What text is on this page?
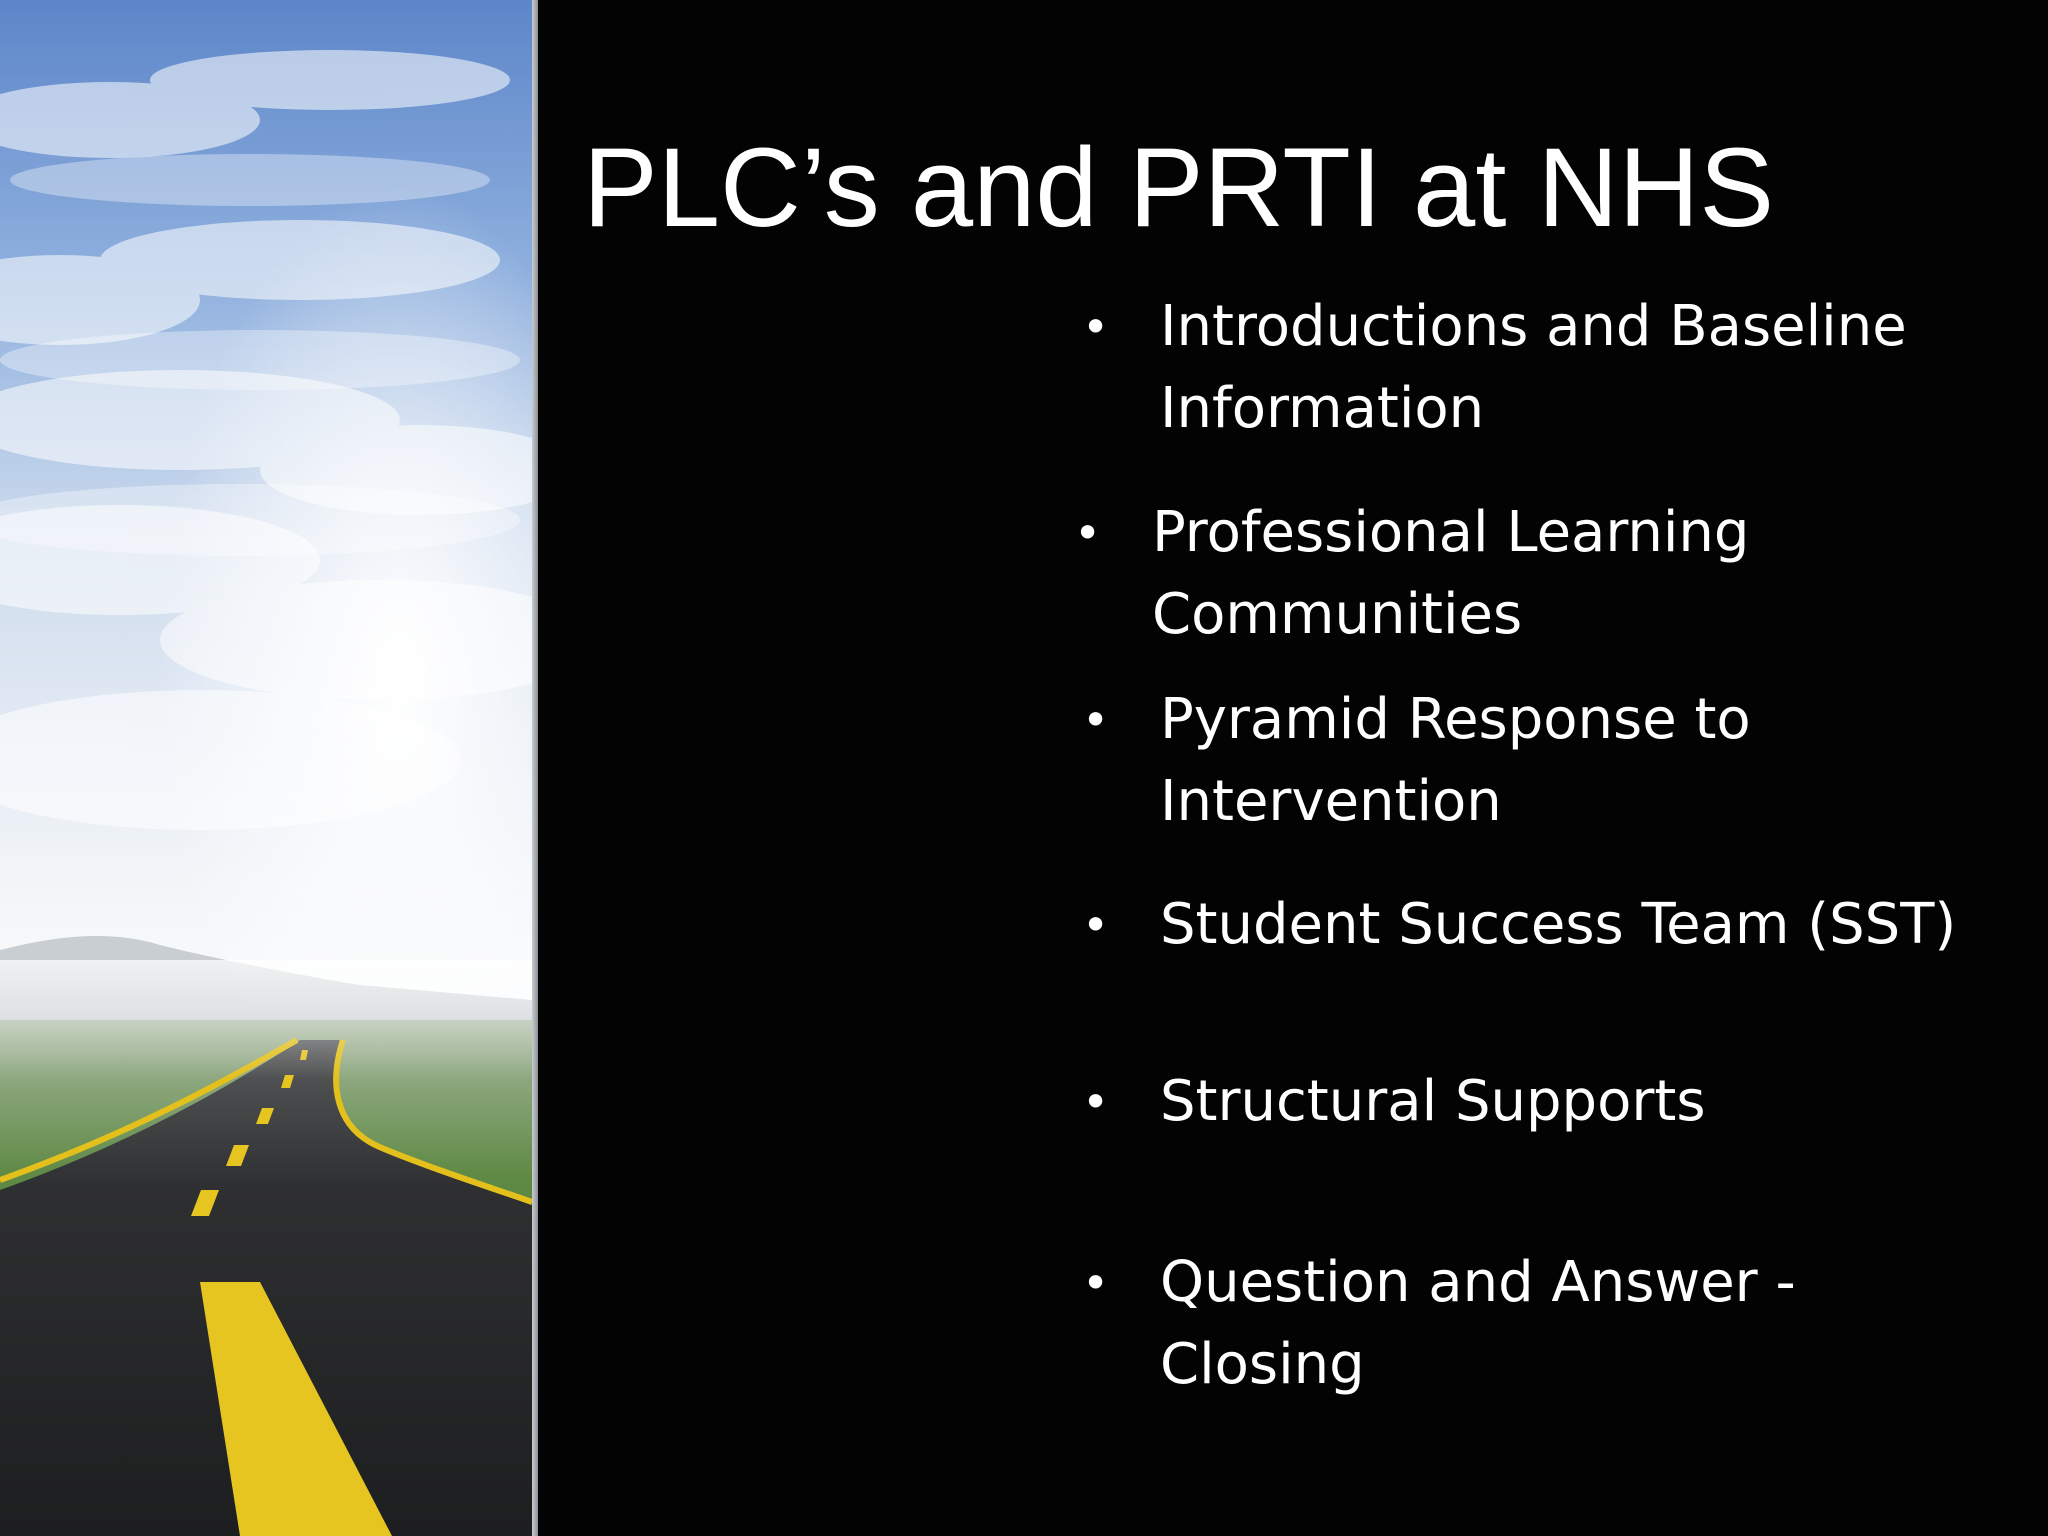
PLC’s and PRTI at NHS
• Introductions and Baseline
Information
• Professional Learning
Communities
• Pyramid Response to
Intervention
• Student Success Team (SST)
• Structural Supports
• Question and Answer -
Closing
